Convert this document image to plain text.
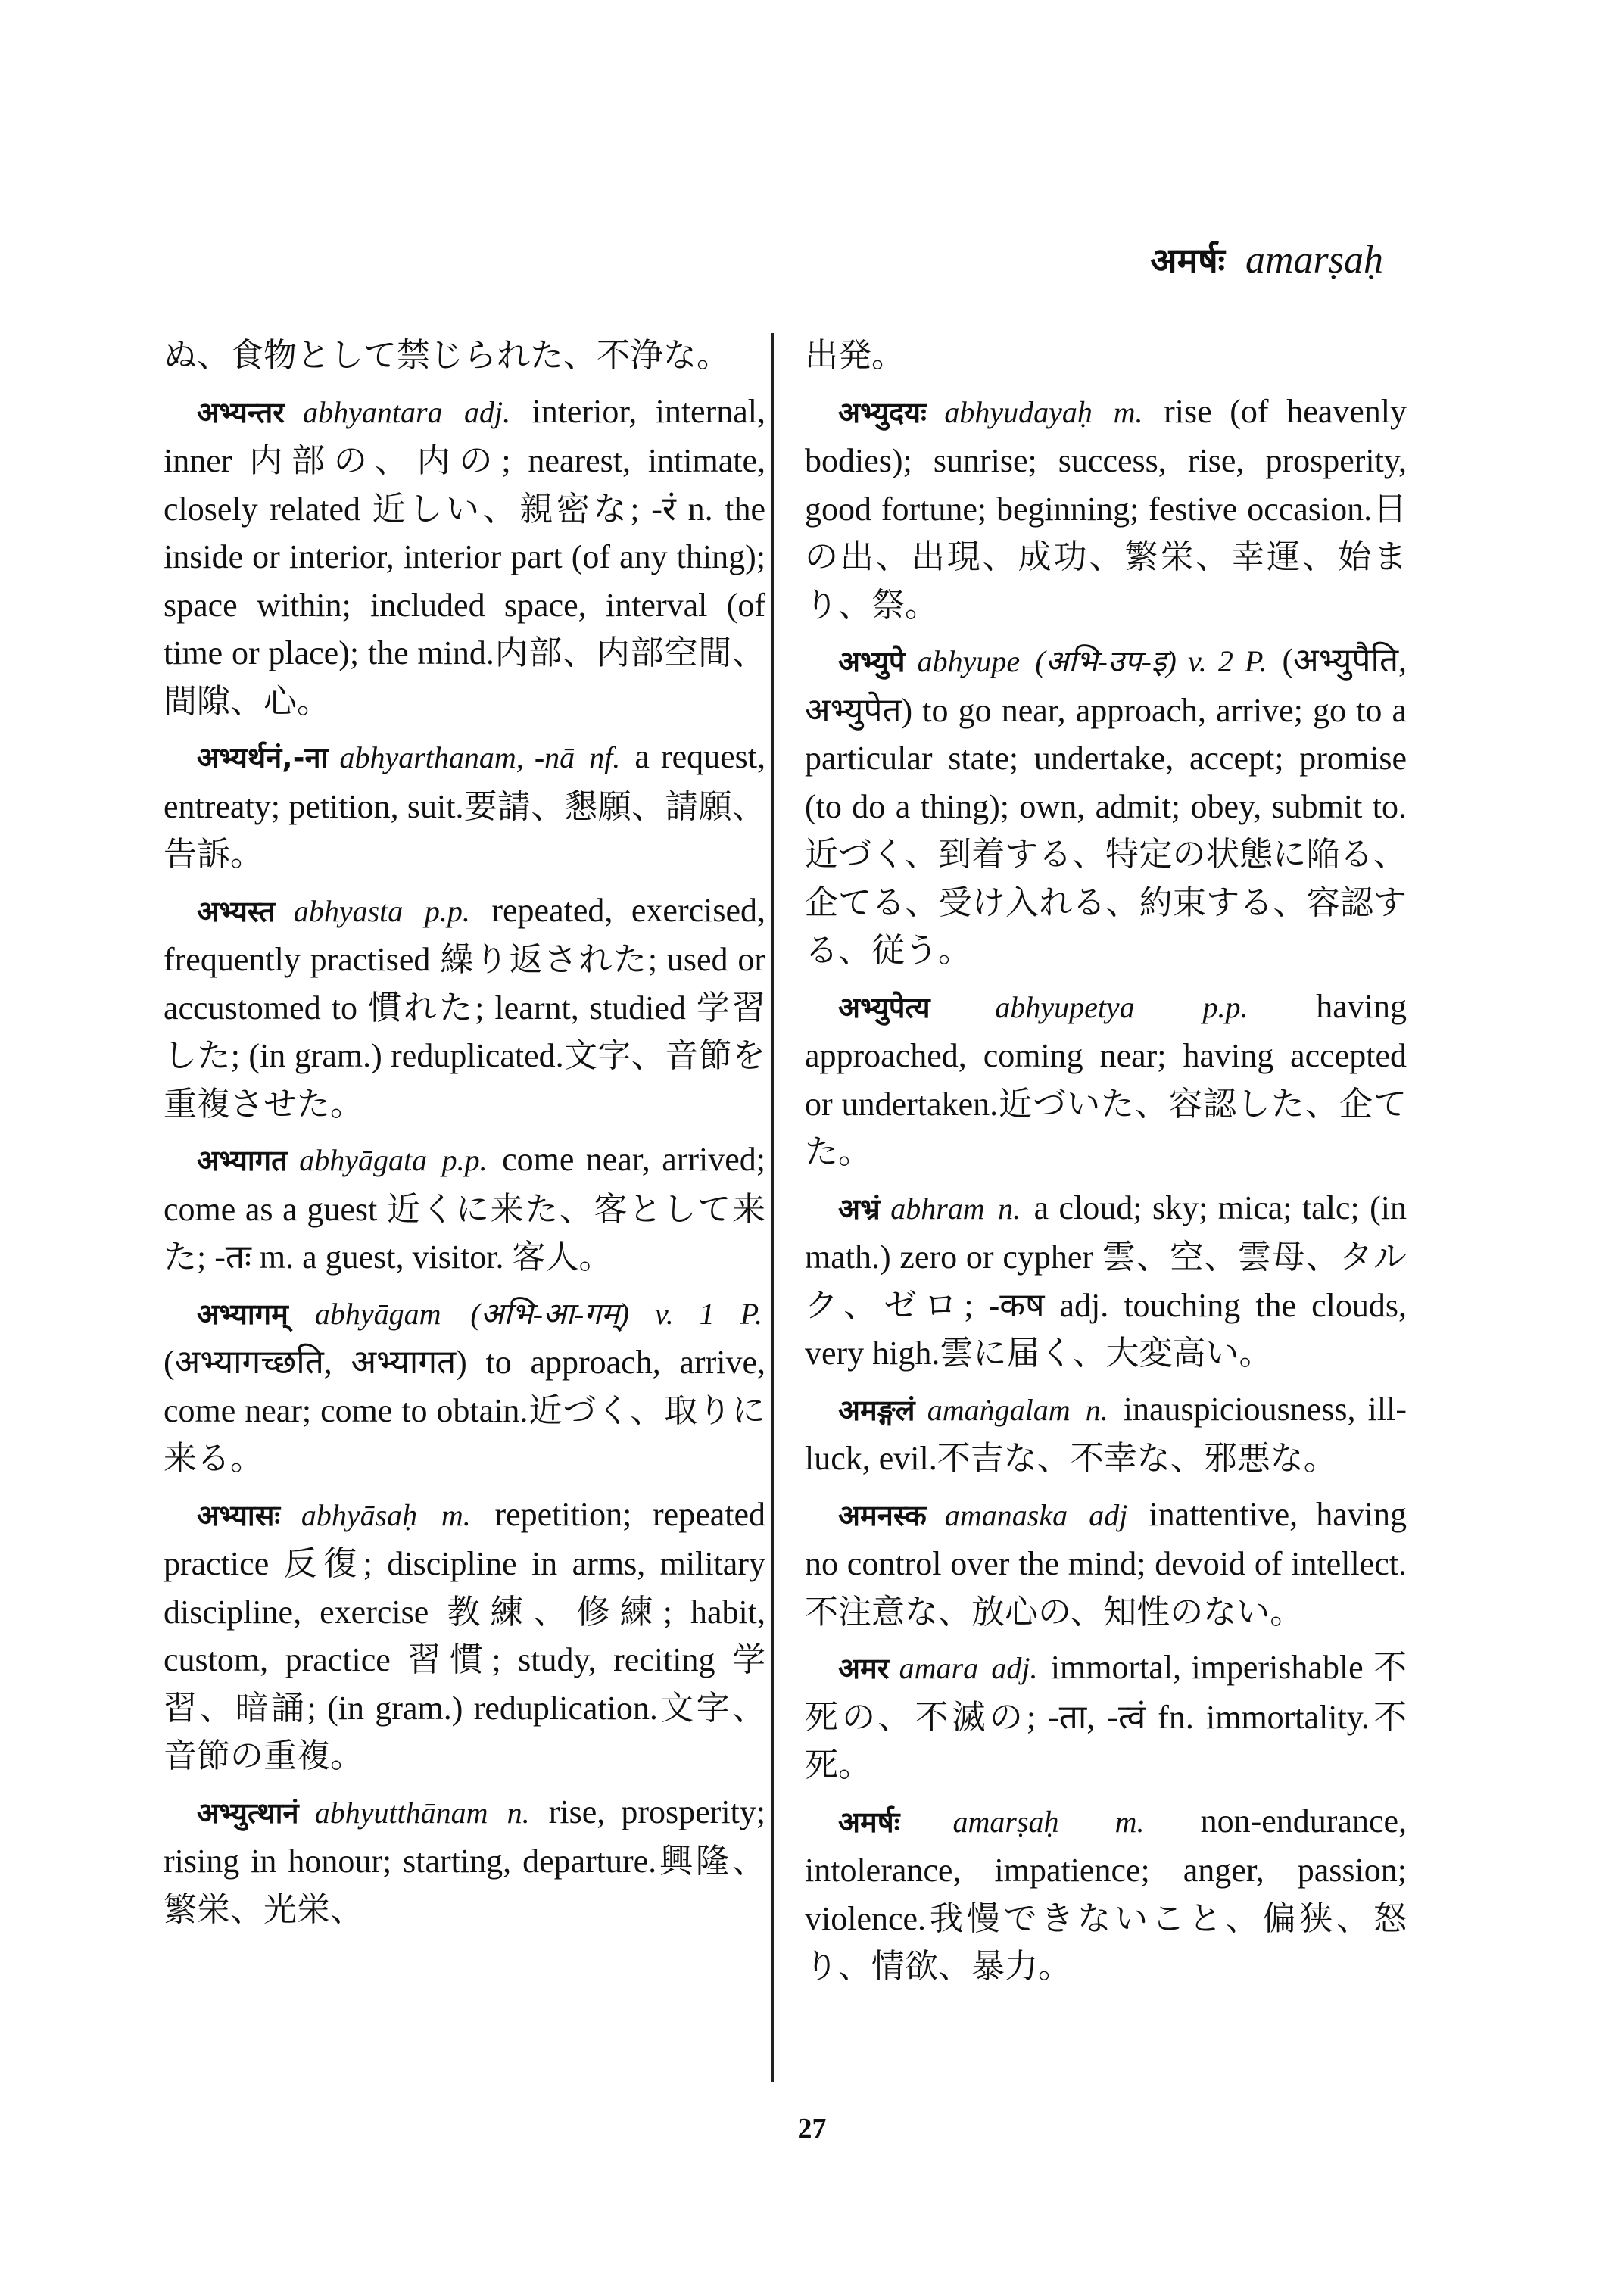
अमर्षः amarṣaḥ

ぬ、食物として禁じられた、不浄な。

अभ्यन्तर abhyantara adj. interior, internal, inner 内部の、内の; nearest, intimate, closely related 近しい、親密な; -रं n. the inside or interior, interior part (of any thing); space within; included space, interval (of time or place); the mind.内部、内部空間、間隙、心。

अभ्यर्थनं,-ना abhyarthanam, -nā nf. a request, entreaty; petition, suit.要請、懇願、請願、告訴。

अभ्यस्त abhyasta p.p. repeated, exercised, frequently practised 繰り返された; used or accustomed to 慣れた; learnt, studied 学習した; (in gram.) reduplicated.文字、音節を重複させた。

अभ्यागत abhyāgata p.p. come near, arrived; come as a guest 近くに来た、客として来た; -तः m. a guest, visitor. 客人。

अभ्यागम् abhyāgam (अभि-आ-गम्) v. 1 P. (अभ्यागच्छति, अभ्यागत) to approach, arrive, come near; come to obtain.近づく、取りに来る。

अभ्यासः abhyāsaḥ m. repetition; repeated practice 反復; discipline in arms, military discipline, exercise 教練、修練; habit, custom, practice 習慣; study, reciting 学習、暗誦; (in gram.) reduplication.文字、音節の重複。

अभ्युत्थानं abhyutthānam n. rise, prosperity; rising in honour; starting, departure.興隆、繁栄、光栄、

出発。

अभ्युदयः abhyudayaḥ m. rise (of heavenly bodies); sunrise; success, rise, prosperity, good fortune; beginning; festive occasion.日の出、出現、成功、繁栄、幸運、始まり、祭。

अभ्युपे abhyupe (अभि-उप-इ) v. 2 P. (अभ्युपैति, अभ्युपेत) to go near, approach, arrive; go to a particular state; undertake, accept; promise (to do a thing); own, admit; obey, submit to.近づく、到着する、特定の状態に陥る、企てる、受け入れる、約束する、容認する、従う。

अभ्युपेत्य abhyupetya p.p. having approached, coming near; having accepted or undertaken.近づいた、容認した、企てた。

अभ्रं abhram n. a cloud; sky; mica; talc; (in math.) zero or cypher 雲、空、雲母、タルク、ゼロ; -कष adj. touching the clouds, very high.雲に届く、大変高い。

अमङ्गलं amaṅgalam n. inauspiciousness, ill-luck, evil.不吉な、不幸な、邪悪な。

अमनस्क amanaska adj inattentive, having no control over the mind; devoid of intellect.不注意な、放心の、知性のない。

अमर amara adj. immortal, imperishable 不死の、不滅の; -ता, -त्वं fn. immortality.不死。

अमर्षः amarṣaḥ m. non-endurance, intolerance, impatience; anger, passion; violence.我慢できないこと、偏狭、怒り、情欲、暴力。

27
